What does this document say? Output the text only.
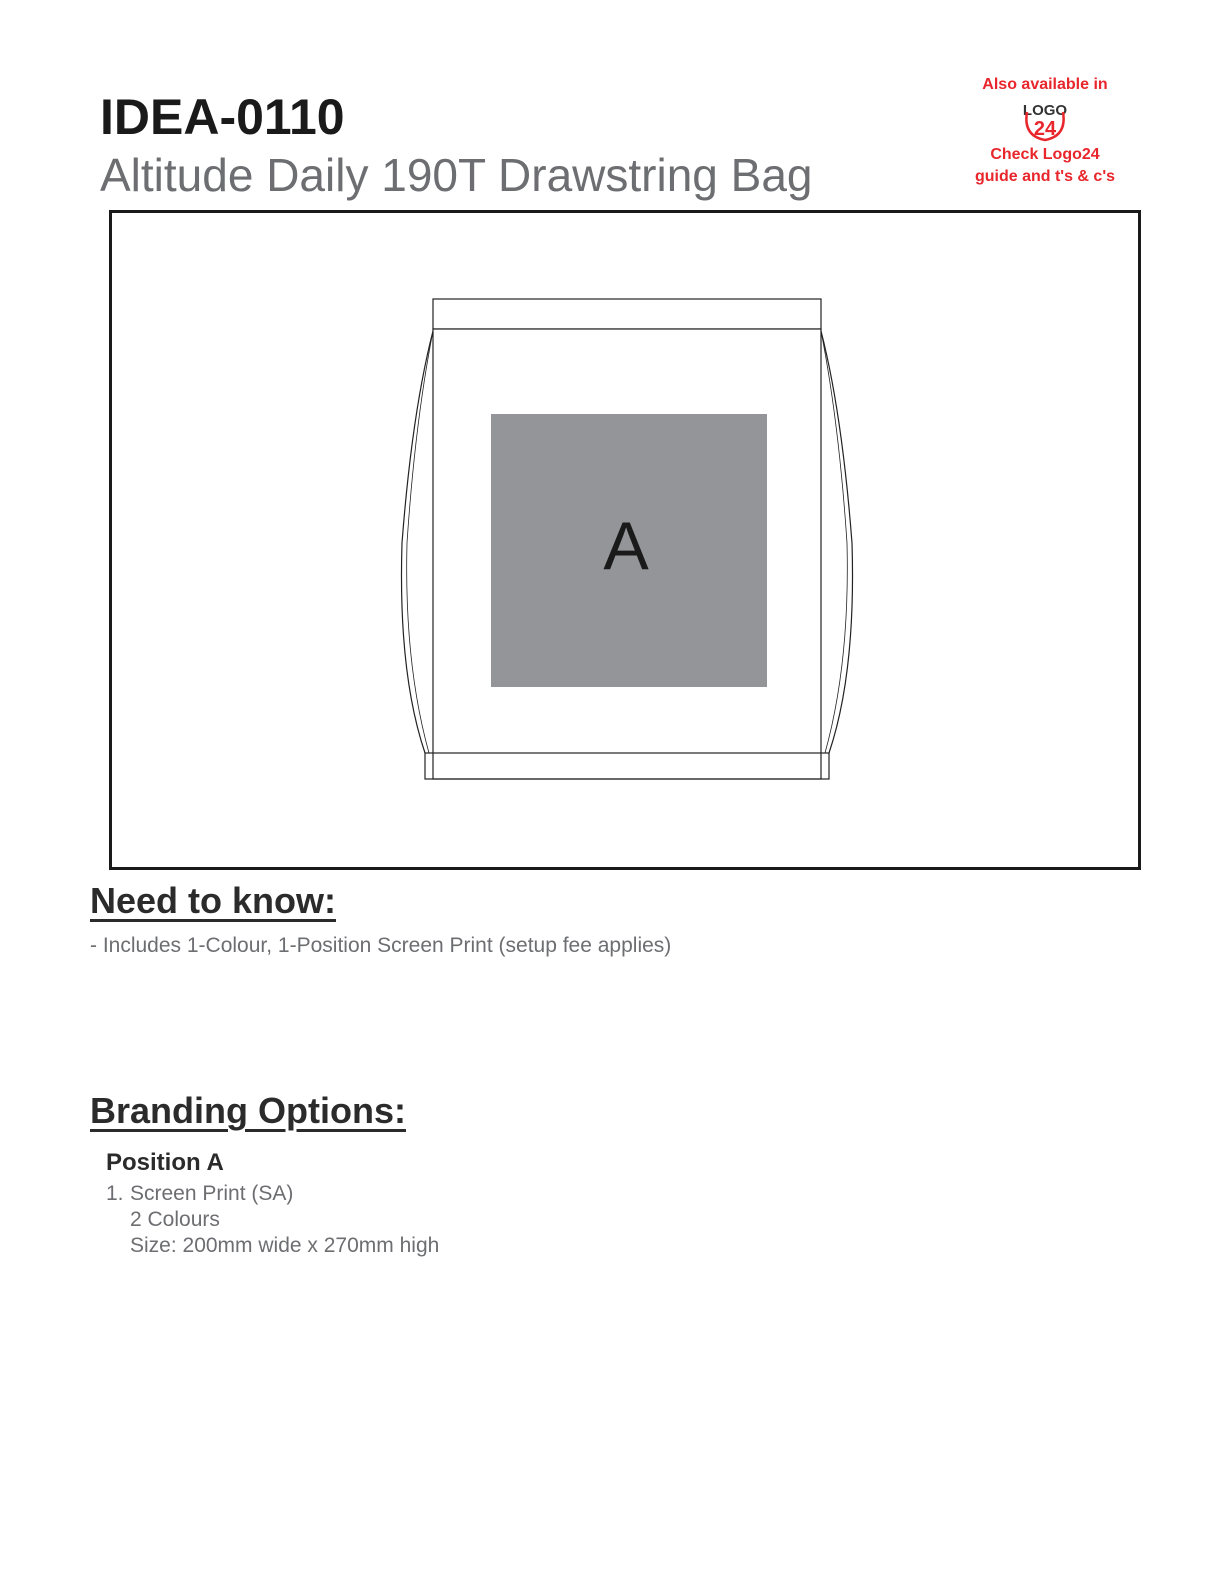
IDEA-0110
Altitude Daily 190T Drawstring Bag
Also available in
LOGO
24
Check Logo24
guide and t's & c's
A
Need to know:
- Includes 1-Colour, 1-Position Screen Print (setup fee applies)
Branding Options:
Position A
1. Screen Print (SA)
2 Colours
Size: 200mm wide x 270mm high
